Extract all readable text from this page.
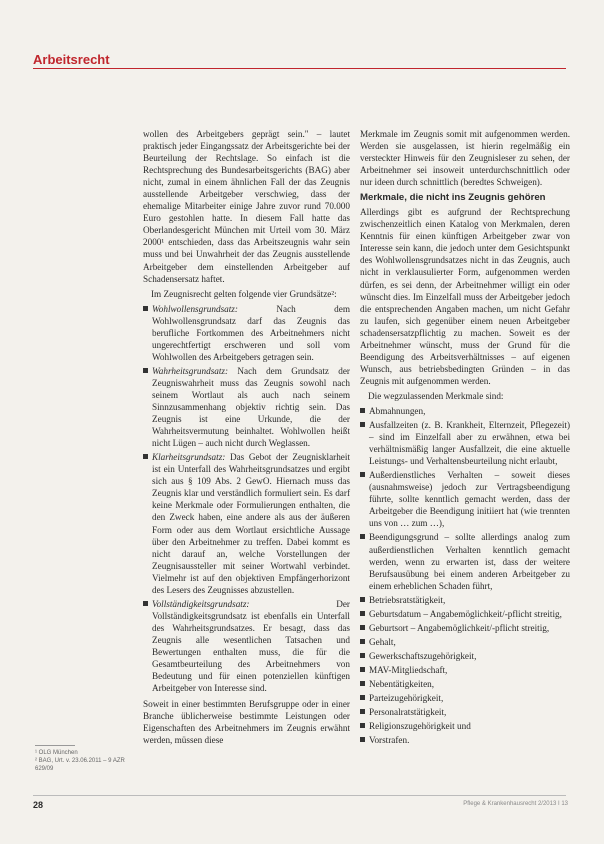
Arbeitsrecht

wollen des Arbeitgebers geprägt sein." – lautet praktisch jeder Eingangssatz der Arbeitsgerichte bei der Beurteilung der Rechtslage. So einfach ist die Rechtsprechung des Bundesarbeitsgerichts (BAG) aber nicht, zumal in einem ähnlichen Fall der das Zeugnis ausstellende Arbeitgeber verschwieg, dass der ehemalige Mitarbeiter einige Jahre zuvor rund 70.000 Euro gestohlen hatte. In diesem Fall hatte das Oberlandesgericht München mit Urteil vom 30. März 2000¹ entschieden, dass das Arbeitszeugnis wahr sein muss und bei Unwahrheit der das Zeugnis ausstellende Arbeitgeber dem einstellenden Arbeitgeber auf Schadensersatz haftet.

Im Zeugnisrecht gelten folgende vier Grundsätze²:

Wohlwollensgrundsatz: Nach dem Wohlwollensgrundsatz darf das Zeugnis das berufliche Fortkommen des Arbeitnehmers nicht ungerechtfertigt erschweren und soll vom Wohlwollen des Arbeitgebers getragen sein.
Wahrheitsgrundsatz: Nach dem Grundsatz der Zeugniswahrheit muss das Zeugnis sowohl nach seinem Wortlaut als auch nach seinem Sinnzusammenhang objektiv richtig sein. Das Zeugnis ist eine Urkunde, die der Wahrheitsvermutung beinhaltet. Wohlwollen heißt nicht Lügen – auch nicht durch Weglassen.
Klarheitsgrundsatz: Das Gebot der Zeugnisklarheit ist ein Unterfall des Wahrheitsgrundsatzes und ergibt sich aus § 109 Abs. 2 GewO. Hiernach muss das Zeugnis klar und verständlich formuliert sein. Es darf keine Merkmale oder Formulierungen enthalten, die den Zweck haben, eine andere als aus der äußeren Form oder aus dem Wortlaut ersichtliche Aussage über den Arbeitnehmer zu treffen. Dabei kommt es nicht darauf an, welche Vorstellungen der Zeugnisaussteller mit seiner Wortwahl verbindet. Vielmehr ist auf den objektiven Empfängerhorizont des Lesers des Zeugnisses abzustellen.
Vollständigkeitsgrundsatz: Der Vollständigkeitsgrundsatz ist ebenfalls ein Unterfall des Wahrheitsgrundsatzes. Er besagt, dass das Zeugnis alle wesentlichen Tatsachen und Bewertungen enthalten muss, die für die Gesamtbeurteilung des Arbeitnehmers von Bedeutung und für einen potenziellen künftigen Arbeitgeber von Interesse sind.

Soweit in einer bestimmten Berufsgruppe oder in einer Branche üblicherweise bestimmte Leistungen oder Eigenschaften des Arbeitnehmers im Zeugnis erwähnt werden, müssen diese

Merkmale im Zeugnis somit mit aufgenommen werden. Werden sie ausgelassen, ist hierin regelmäßig ein versteckter Hinweis für den Zeugnisleser zu sehen, der Arbeitnehmer sei insoweit unterdurchschnittlich oder nur ideen durch schnittlich (beredtes Schweigen).

Merkmale, die nicht ins Zeugnis gehören

Allerdings gibt es aufgrund der Rechtsprechung zwischenzeitlich einen Katalog von Merkmalen, deren Kenntnis für einen künftigen Arbeitgeber zwar von Interesse sein kann, die jedoch unter dem Gesichtspunkt des Wohlwollensgrundsatzes nicht in das Zeugnis, auch nicht in verklausulierter Form, aufgenommen werden dürfen, es sei denn, der Arbeitnehmer willigt ein oder wünscht dies. Im Einzelfall muss der Arbeitgeber jedoch die entsprechenden Angaben machen, um nicht Gefahr zu laufen, sich gegenüber einem neuen Arbeitgeber schadensersatzpflichtig zu machen. Soweit es der Arbeitnehmer wünscht, muss der Grund für die Beendigung des Arbeitsverhältnisses – auf eigenen Wunsch, aus betriebsbedingten Gründen – in das Zeugnis mit aufgenommen werden.

Die wegzulassenden Merkmale sind:

Abmahnungen,
Ausfallzeiten (z. B. Krankheit, Elternzeit, Pflegezeit) – sind im Einzelfall aber zu erwähnen, etwa bei verhältnismäßig langer Ausfallzeit, die eine aktuelle Leistungs- und Verhaltensbeurteilung nicht erlaubt,
Außerdienstliches Verhalten – soweit dieses (ausnahmsweise) jedoch zur Vertragsbeendigung führte, sollte kenntlich gemacht werden, dass der Arbeitgeber die Beendigung initiiert hat (wie trennten uns von … zum …),
Beendigungsgrund – sollte allerdings analog zum außerdienstlichen Verhalten kenntlich gemacht werden, wenn zu erwarten ist, dass der weitere Berufsausübung bei einem anderen Arbeitgeber zu einem erheblichen Schaden führt,
Betriebsratstätigkeit,
Geburtsdatum – Angabemöglichkeit/-pflicht streitig,
Geburtsort – Angabemöglichkeit/-pflicht streitig,
Gehalt,
Gewerkschaftszugehörigkeit,
MAV-Mitgliedschaft,
Nebentätigkeiten,
Parteizugehörigkeit,
Personalratstätigkeit,
Religionszugehörigkeit und
Vorstrafen.
¹ OLG München
² BAG, Urt. v. 23.06.2011 – 9 AZR 629/09
28	Pflege & Krankenhausrecht 2/2013 I 13
